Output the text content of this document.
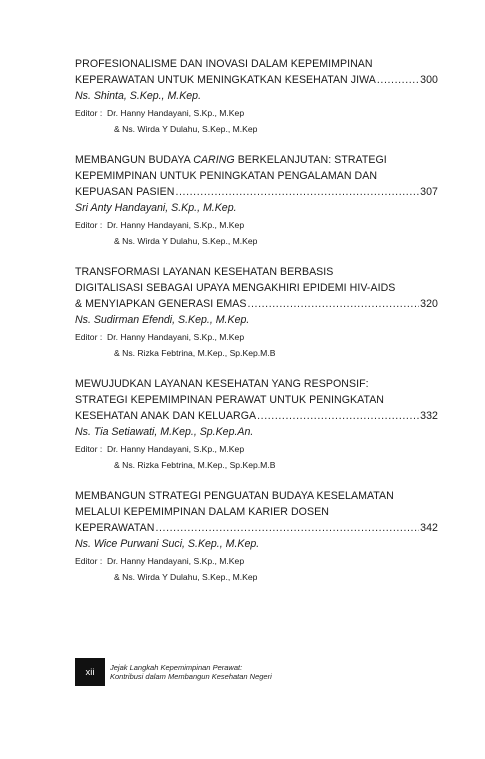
PROFESIONALISME DAN INOVASI DALAM KEPEMIMPINAN
KEPERAWATAN UNTUK MENINGKATKAN KESEHATAN JIWA .....	300
Ns. Shinta, S.Kep., M.Kep.
Editor : Dr. Hanny Handayani, S.Kp., M.Kep
& Ns. Wirda Y Dulahu, S.Kep., M.Kep
MEMBANGUN BUDAYA CARING BERKELANJUTAN: STRATEGI
KEPEMIMPINAN UNTUK PENINGKATAN PENGALAMAN DAN
KEPUASAN PASIEN .....	307
Sri Anty Handayani, S.Kp., M.Kep.
Editor : Dr. Hanny Handayani, S.Kp., M.Kep
& Ns. Wirda Y Dulahu, S.Kep., M.Kep
TRANSFORMASI LAYANAN KESEHATAN BERBASIS
DIGITALISASI SEBAGAI UPAYA MENGAKHIRI EPIDEMI HIV-AIDS
& MENYIAPKAN GENERASI EMAS .....	320
Ns. Sudirman Efendi, S.Kep., M.Kep.
Editor : Dr. Hanny Handayani, S.Kp., M.Kep
& Ns. Rizka Febtrina, M.Kep., Sp.Kep.M.B
MEWUJUDKAN LAYANAN KESEHATAN YANG RESPONSIF:
STRATEGI KEPEMIMPINAN PERAWAT UNTUK PENINGKATAN
KESEHATAN ANAK DAN KELUARGA .....	332
Ns. Tia Setiawati, M.Kep., Sp.Kep.An.
Editor : Dr. Hanny Handayani, S.Kp., M.Kep
& Ns. Rizka Febtrina, M.Kep., Sp.Kep.M.B
MEMBANGUN STRATEGI PENGUATAN BUDAYA KESELAMATAN
MELALUI KEPEMIMPINAN DALAM KARIER DOSEN
KEPERAWATAN .....	342
Ns. Wice Purwani Suci, S.Kep., M.Kep.
Editor : Dr. Hanny Handayani, S.Kp., M.Kep
& Ns. Wirda Y Dulahu, S.Kep., M.Kep
xii	Jejak Langkah Kepemimpinan Perawat:
Kontribusi dalam Membangun Kesehatan Negeri
